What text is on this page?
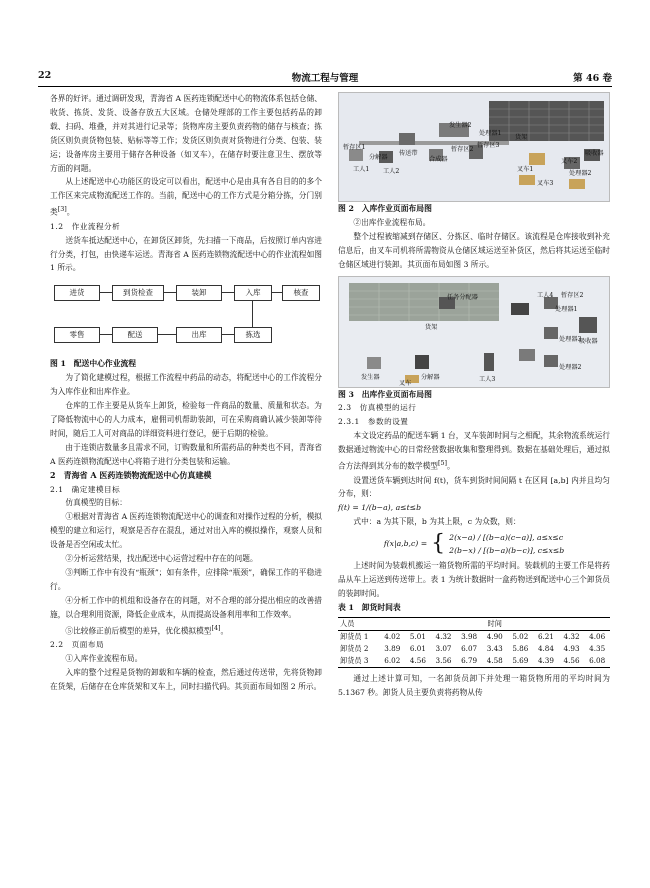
22	物流工程与管理	第 46 卷

各界的好评。通过调研发现，青海省 A 医药连锁配送中心的物流体系包括仓储、收货、拣货、发货、设备存放五大区域。仓储处理部的工作主要包括药品的卸载、扫码、堆叠，并对其进行记录等；货物库房主要负责药物的储存与核查；拣货区则负责货物包装、贴标等等工作；发货区则负责对货物进行分类、包装、装运；设备库房主要用于储存各种设备（如叉车），在储存时要注意卫生、摆放等方面的问题。

从上述配送中心功能区的设定可以看出，配送中心是由具有各自目的的多个工作区来完成物流配送工作的。当前，配送中心的工作方式是分箱分拣，分门别类[3]。

1.2　作业流程分析

送货车抵达配送中心，在卸货区卸货，先扫描一下商品，后按照订单内容进行分类，打包，由快递车运送。青海省 A 医药连锁物流配送中心的作业流程如图 1 所示。

进货	到货检查	装卸	入库	核查
零售	配送	出库	拣选

图 1　配送中心作业流程

为了简化建模过程，根据工作流程中药品的动态，将配送中心的工作流程分为入库作业和出库作业。

仓库的工作主要是从货车上卸货，检验每一件商品的数量、质量和状态。为了降低物流中心的人力成本，雇佣司机帮助装卸，可在采购商确认减少装卸等待时间，随后工人可对商品的详细资料进行登记，便于后期的检验。

由于连锁店数量多且需求不同，订购数量和所需药品的种类也不同，青海省 A 医药连锁物流配送中心将箱子进行分类包装和运输。

2　青海省 A 医药连锁物流配送中心仿真建模

2.1　确定建模目标

仿真模型的目标：

①根据对青海省 A 医药连锁物流配送中心的调查和对操作过程的分析，模拟模型的建立和运行，观察是否存在混乱，通过对出入库的模拟操作，观察人员和设备是否空闲或太忙。

②分析运营结果，找出配送中心运营过程中存在的问题。

③判断工作中有没有“瓶颈”；如有条件，应排除“瓶颈”，确保工作的平稳进行。

④分析工作中的机组和设备存在的问题，对不合理的部分提出相应的改善措施，以合理利用资源，降低企业成本，从而提高设备利用率和工作效率。

⑤比较修正前后模型的差异，优化模拟模型[4]。

2.2　页面布局

①入库作业流程布局。

入库的整个过程是货物的卸载和车辆的检查，然后通过传送带，先将货物卸在货架，后储存在仓库货架和叉车上，同时扫描代码。其页面布局如图 2 所示。

发生器2
处理器1
暂存区1
分解器
传送带
合成器
暂存区2
暂存区3
货架
工人1 工人2	叉车1
叉车2
处理器2
吸收器
叉车3

图 2　入库作业页面布局图

②出库作业流程布局。

整个过程被缩减到存储区、分拣区、临时存储区。该流程是仓库接收到补充信息后，由叉车司机将所需物资从仓储区域运送至补货区，然后将其运送至临时仓储区域进行装卸。其页面布局如图 3 所示。

任务分配器	工人4 暂存区2
处理器1
货架
吸收器
处理器3
发生器	分解器
叉车
工人3
处理器2

图 3　出库作业页面布局图

2.3　仿真模型的运行

2.3.1　参数的设置

本文设定药品的配送车辆 1 台，叉车装卸时间与之相配，其余物流系统运行数据通过物流中心的日常经营数据收集和整理得到。数据在基础处理后，通过拟合方法得到其分布的数学模型[5]。

设置送货车辆到达时间 f(t)，货车到货时间间隔 t 在区间 [a,b] 内并且均匀分布，则：

f(t) = 1/(b−a), a≤t≤b

式中：a 为其下限，b 为其上限，c 为众数，则：

f(x|a,b,c) = { 2(x−a) / [(b−a)(c−a)], a≤x≤c
2(b−x) / [(b−a)(b−c)], c≤x≤b

上述时间为装载机搬运一箱货物所需的平均时间。装载机的主要工作是将药品从车上运送到传送带上。表 1 为统计数据时一盒药物送到配送中心三个卸货员的装卸时间。

表 1　卸货时间表

人员	时间								
卸货员 1	4.02	5.01	4.32	3.98	4.90	5.02	6.21	4.32	4.06
卸货员 2	3.89	6.01	3.07	6.07	3.43	5.86	4.84	4.93	4.35
卸货员 3	6.02	4.56	3.56	6.79	4.58	5.69	4.39	4.56	6.08

通过上述计算可知，一名卸货员卸下并处理一箱货物所用的平均时间为 5.1367 秒。卸货人员主要负责将药物从传
